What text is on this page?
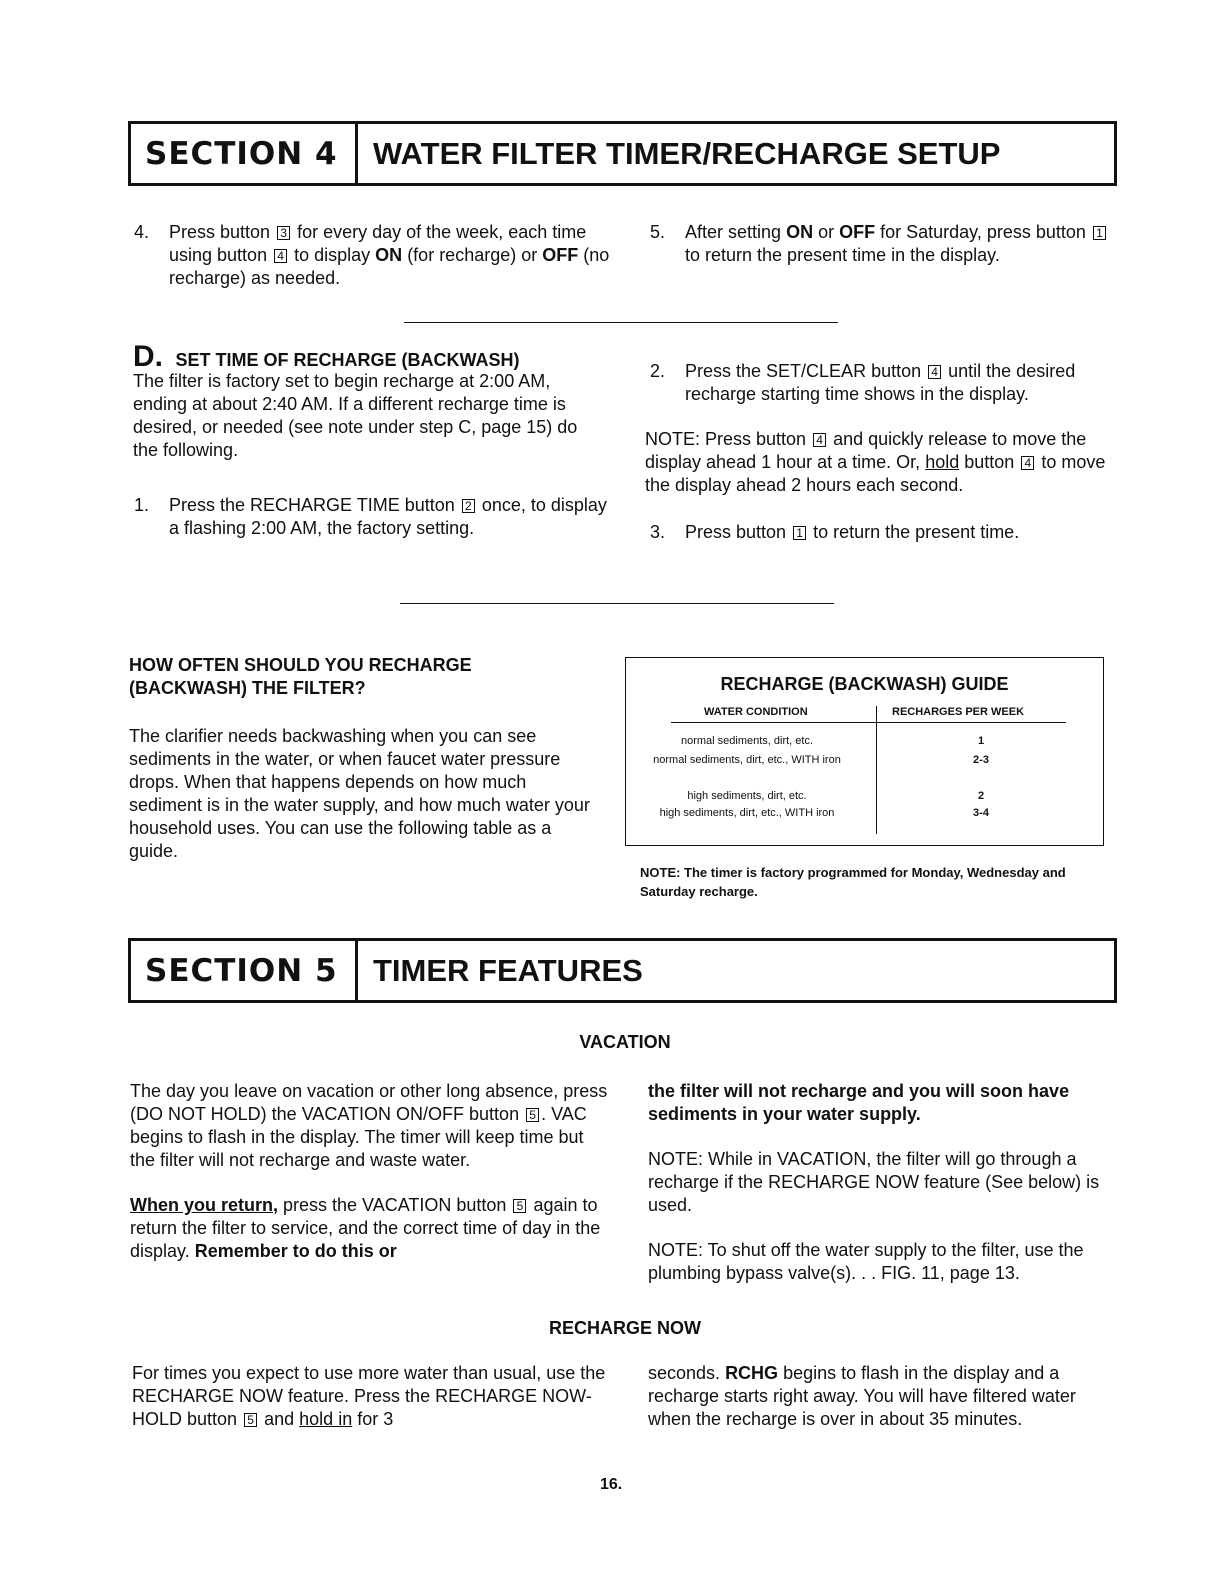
SECTION 4	WATER FILTER TIMER/RECHARGE SETUP
4. Press button 3 for every day of the week, each time using button 4 to display ON (for recharge) or OFF (no recharge) as needed.
5. After setting ON or OFF for Saturday, press button 1 to return the present time in the display.
D. SET TIME OF RECHARGE (BACKWASH)
The filter is factory set to begin recharge at 2:00 AM, ending at about 2:40 AM. If a different recharge time is desired, or needed (see note under step C, page 15) do the following.
1. Press the RECHARGE TIME button 2 once, to display a flashing 2:00 AM, the factory setting.
2. Press the SET/CLEAR button 4 until the desired recharge starting time shows in the display.
NOTE: Press button 4 and quickly release to move the display ahead 1 hour at a time. Or, hold button 4 to move the display ahead 2 hours each second.
3. Press button 1 to return the present time.
HOW OFTEN SHOULD YOU RECHARGE (BACKWASH) THE FILTER?
The clarifier needs backwashing when you can see sediments in the water, or when faucet water pressure drops. When that happens depends on how much sediment is in the water supply, and how much water your household uses. You can use the following table as a guide.
RECHARGE (BACKWASH) GUIDE
WATER CONDITION	RECHARGES PER WEEK
normal sediments, dirt, etc.	1
normal sediments, dirt, etc., WITH iron	2-3
high sediments, dirt, etc.	2
high sediments, dirt, etc., WITH iron	3-4
NOTE: The timer is factory programmed for Monday, Wednesday and Saturday recharge.
SECTION 5	TIMER FEATURES
VACATION
The day you leave on vacation or other long absence, press (DO NOT HOLD) the VACATION ON/OFF button 5 . VAC begins to flash in the display. The timer will keep time but the filter will not recharge and waste water.
When you return, press the VACATION button 5 again to return the filter to service, and the correct time of day in the display. Remember to do this or
the filter will not recharge and you will soon have sediments in your water supply.
NOTE: While in VACATION, the filter will go through a recharge if the RECHARGE NOW feature (See below) is used.
NOTE: To shut off the water supply to the filter, use the plumbing bypass valve(s). . . FIG. 11, page 13.
RECHARGE NOW
For times you expect to use more water than usual, use the RECHARGE NOW feature. Press the RECHARGE NOW-HOLD button 5 and hold in for 3
seconds. RCHG begins to flash in the display and a recharge starts right away. You will have filtered water when the recharge is over in about 35 minutes.
16.
